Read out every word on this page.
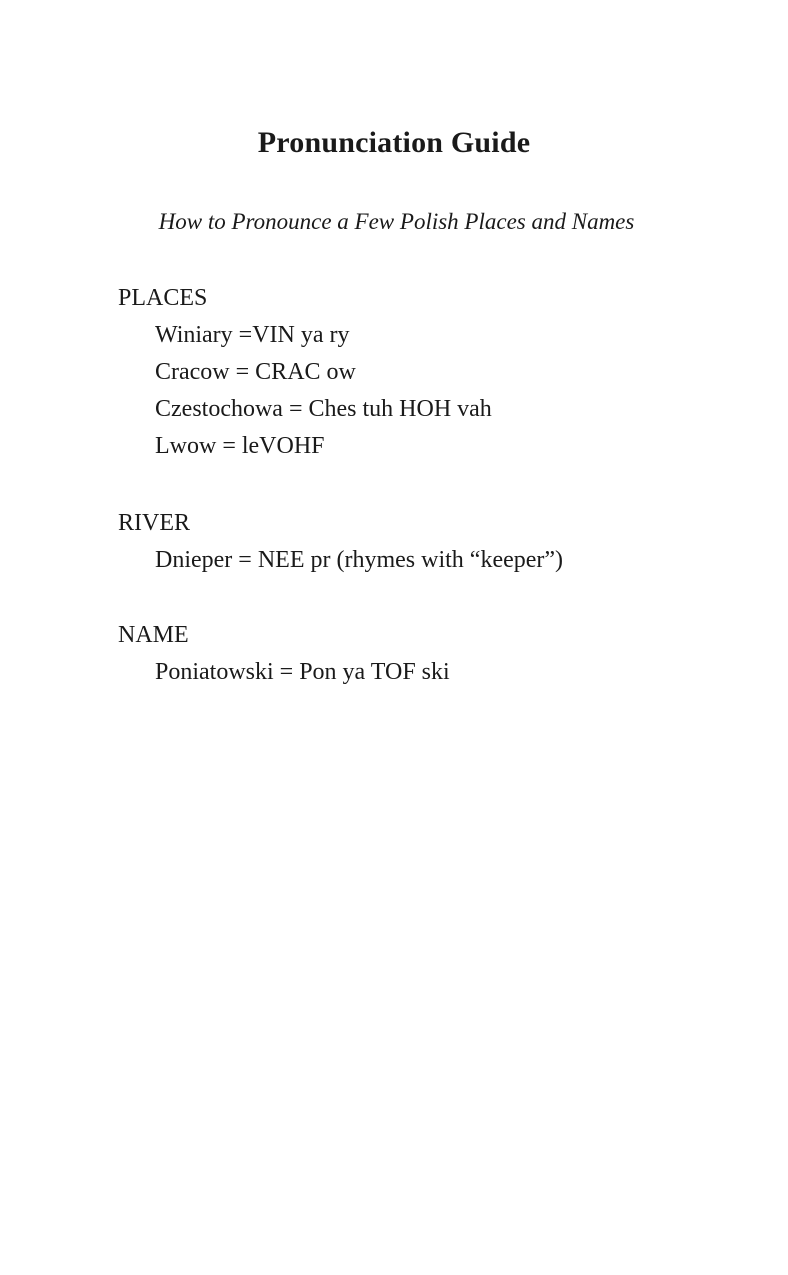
Pronunciation Guide

How to Pronounce a Few Polish Places and Names

PLACES

Winiary =VIN ya ry

Cracow = CRAC ow

Czestochowa = Ches tuh HOH vah

Lwow = leVOHF

RIVER

Dnieper = NEE pr (rhymes with “keeper”)

NAME

Poniatowski = Pon ya TOF ski
